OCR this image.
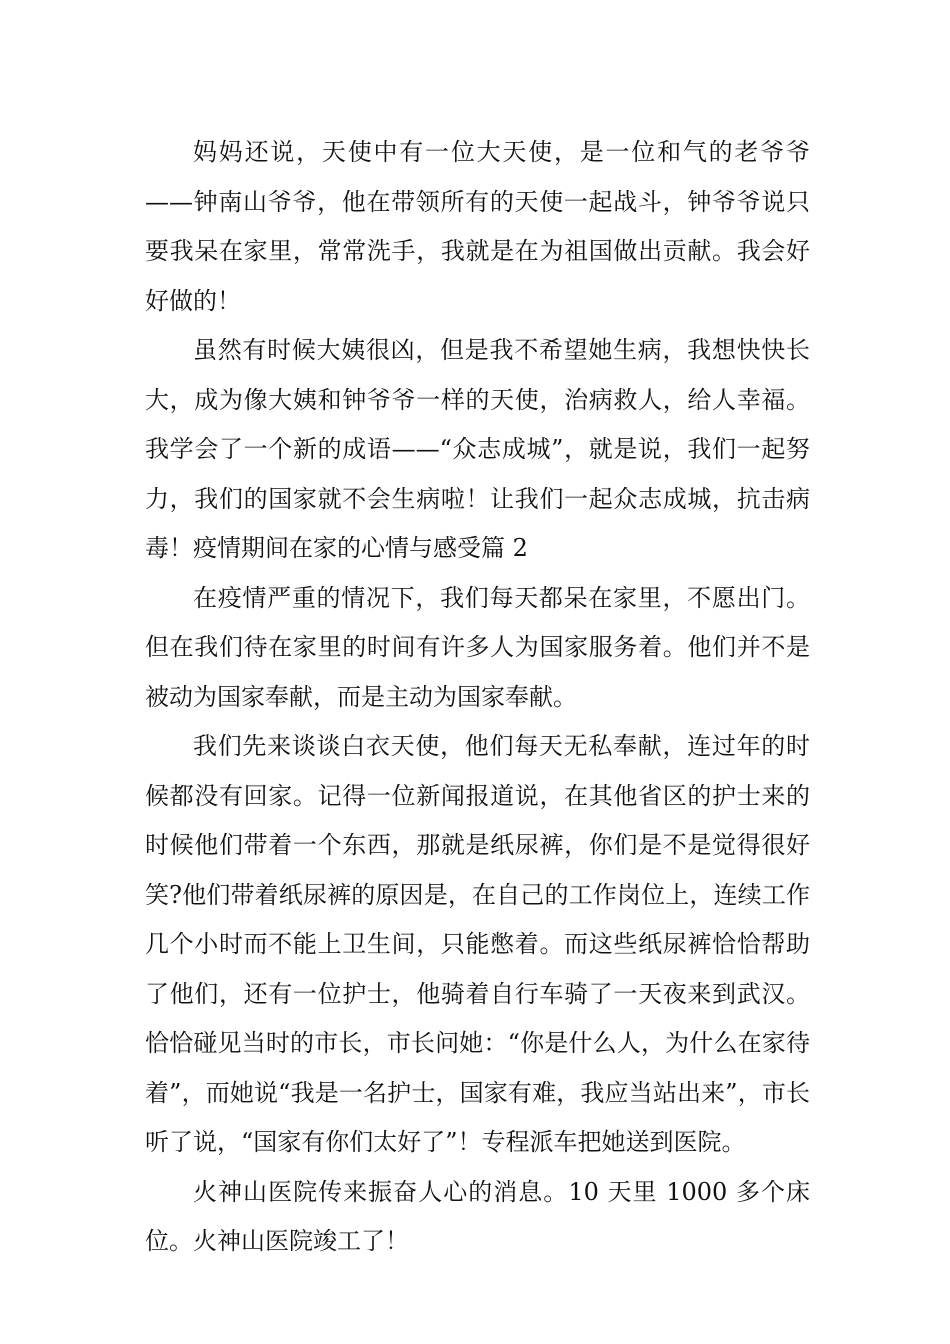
妈妈还说，天使中有一位大天使，是一位和气的老爷爷——钟南山爷爷，他在带领所有的天使一起战斗，钟爷爷说只要我呆在家里，常常洗手，我就是在为祖国做出贡献。我会好好做的！

虽然有时候大姨很凶，但是我不希望她生病，我想快快长大，成为像大姨和钟爷爷一样的天使，治病救人，给人幸福。我学会了一个新的成语——“众志成城”，就是说，我们一起努力，我们的国家就不会生病啦！让我们一起众志成城，抗击病毒！疫情期间在家的心情与感受篇 2

在疫情严重的情况下，我们每天都呆在家里，不愿出门。但在我们待在家里的时间有许多人为国家服务着。他们并不是被动为国家奉献，而是主动为国家奉献。

我们先来谈谈白衣天使，他们每天无私奉献，连过年的时候都没有回家。记得一位新闻报道说，在其他省区的护士来的时候他们带着一个东西，那就是纸尿裤，你们是不是觉得很好笑?他们带着纸尿裤的原因是，在自己的工作岗位上，连续工作几个小时而不能上卫生间，只能憋着。而这些纸尿裤恰恰帮助了他们，还有一位护士，他骑着自行车骑了一天夜来到武汉。恰恰碰见当时的市长，市长问她：“你是什么人，为什么在家待着”，而她说“我是一名护士，国家有难，我应当站出来”，市长听了说，“国家有你们太好了”！专程派车把她送到医院。

火神山医院传来振奋人心的消息。10 天里 1000 多个床位。火神山医院竣工了！
